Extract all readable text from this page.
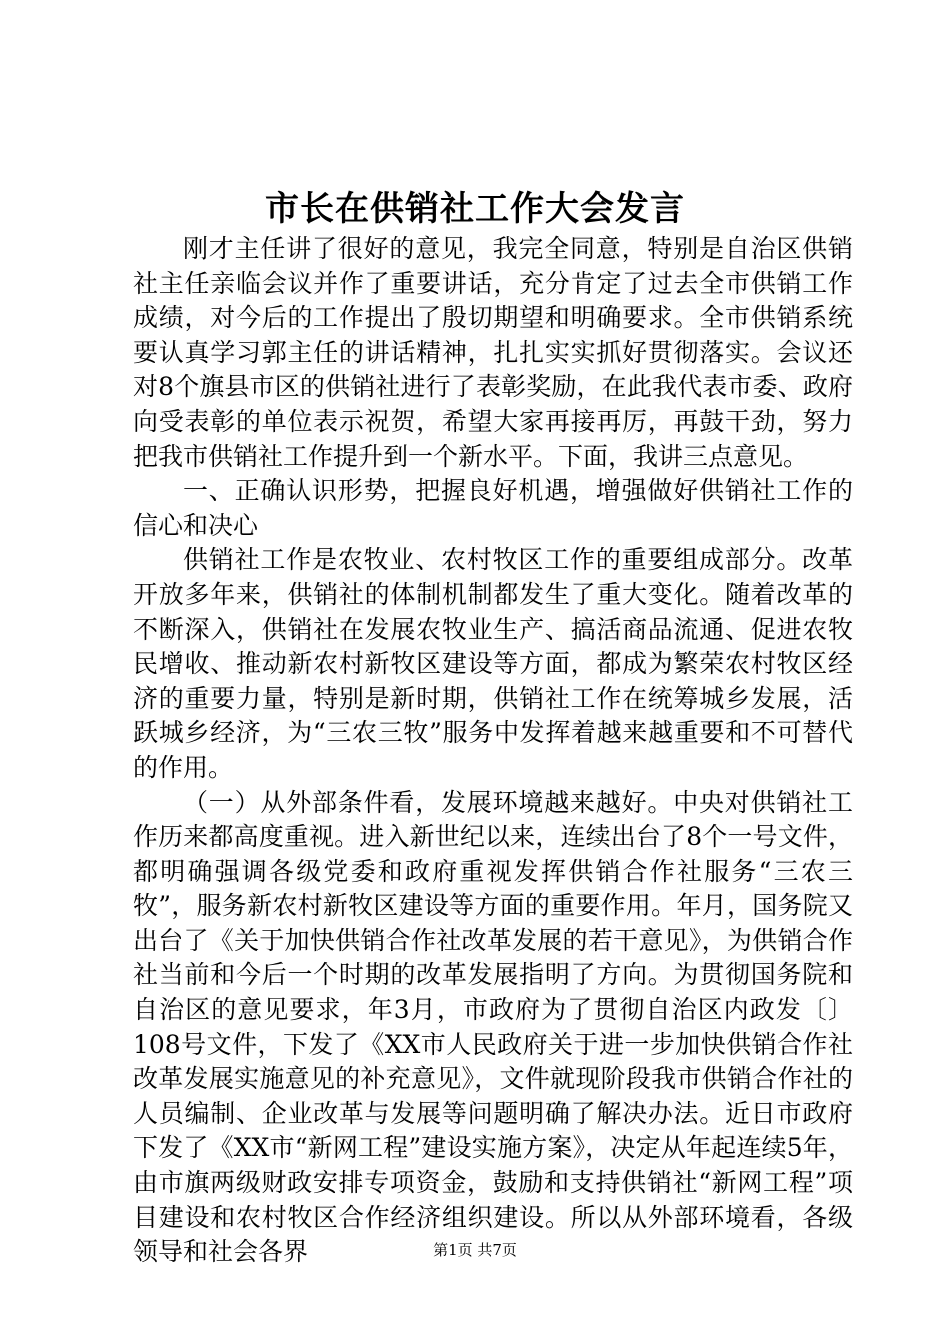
市长在供销社工作大会发言

刚才主任讲了很好的意见，我完全同意，特别是自治区供销社主任亲临会议并作了重要讲话，充分肯定了过去全市供销工作成绩，对今后的工作提出了殷切期望和明确要求。全市供销系统要认真学习郭主任的讲话精神，扎扎实实抓好贯彻落实。会议还对8个旗县市区的供销社进行了表彰奖励，在此我代表市委、政府向受表彰的单位表示祝贺，希望大家再接再厉，再鼓干劲，努力把我市供销社工作提升到一个新水平。下面，我讲三点意见。

一、正确认识形势，把握良好机遇，增强做好供销社工作的信心和决心

供销社工作是农牧业、农村牧区工作的重要组成部分。改革开放多年来，供销社的体制机制都发生了重大变化。随着改革的不断深入，供销社在发展农牧业生产、搞活商品流通、促进农牧民增收、推动新农村新牧区建设等方面，都成为繁荣农村牧区经济的重要力量，特别是新时期，供销社工作在统筹城乡发展，活跃城乡经济，为“三农三牧”服务中发挥着越来越重要和不可替代的作用。

（一）从外部条件看，发展环境越来越好。中央对供销社工作历来都高度重视。进入新世纪以来，连续出台了8个一号文件，都明确强调各级党委和政府重视发挥供销合作社服务“三农三牧”，服务新农村新牧区建设等方面的重要作用。年月，国务院又出台了《关于加快供销合作社改革发展的若干意见》，为供销合作社当前和今后一个时期的改革发展指明了方向。为贯彻国务院和自治区的意见要求，年3月，市政府为了贯彻自治区内政发〔〕108号文件，下发了《XX市人民政府关于进一步加快供销合作社改革发展实施意见的补充意见》，文件就现阶段我市供销合作社的人员编制、企业改革与发展等问题明确了解决办法。近日市政府下发了《XX市“新网工程”建设实施方案》，决定从年起连续5年，由市旗两级财政安排专项资金，鼓励和支持供销社“新网工程”项目建设和农村牧区合作经济组织建设。所以从外部环境看，各级领导和社会各界	第1页 共7页
